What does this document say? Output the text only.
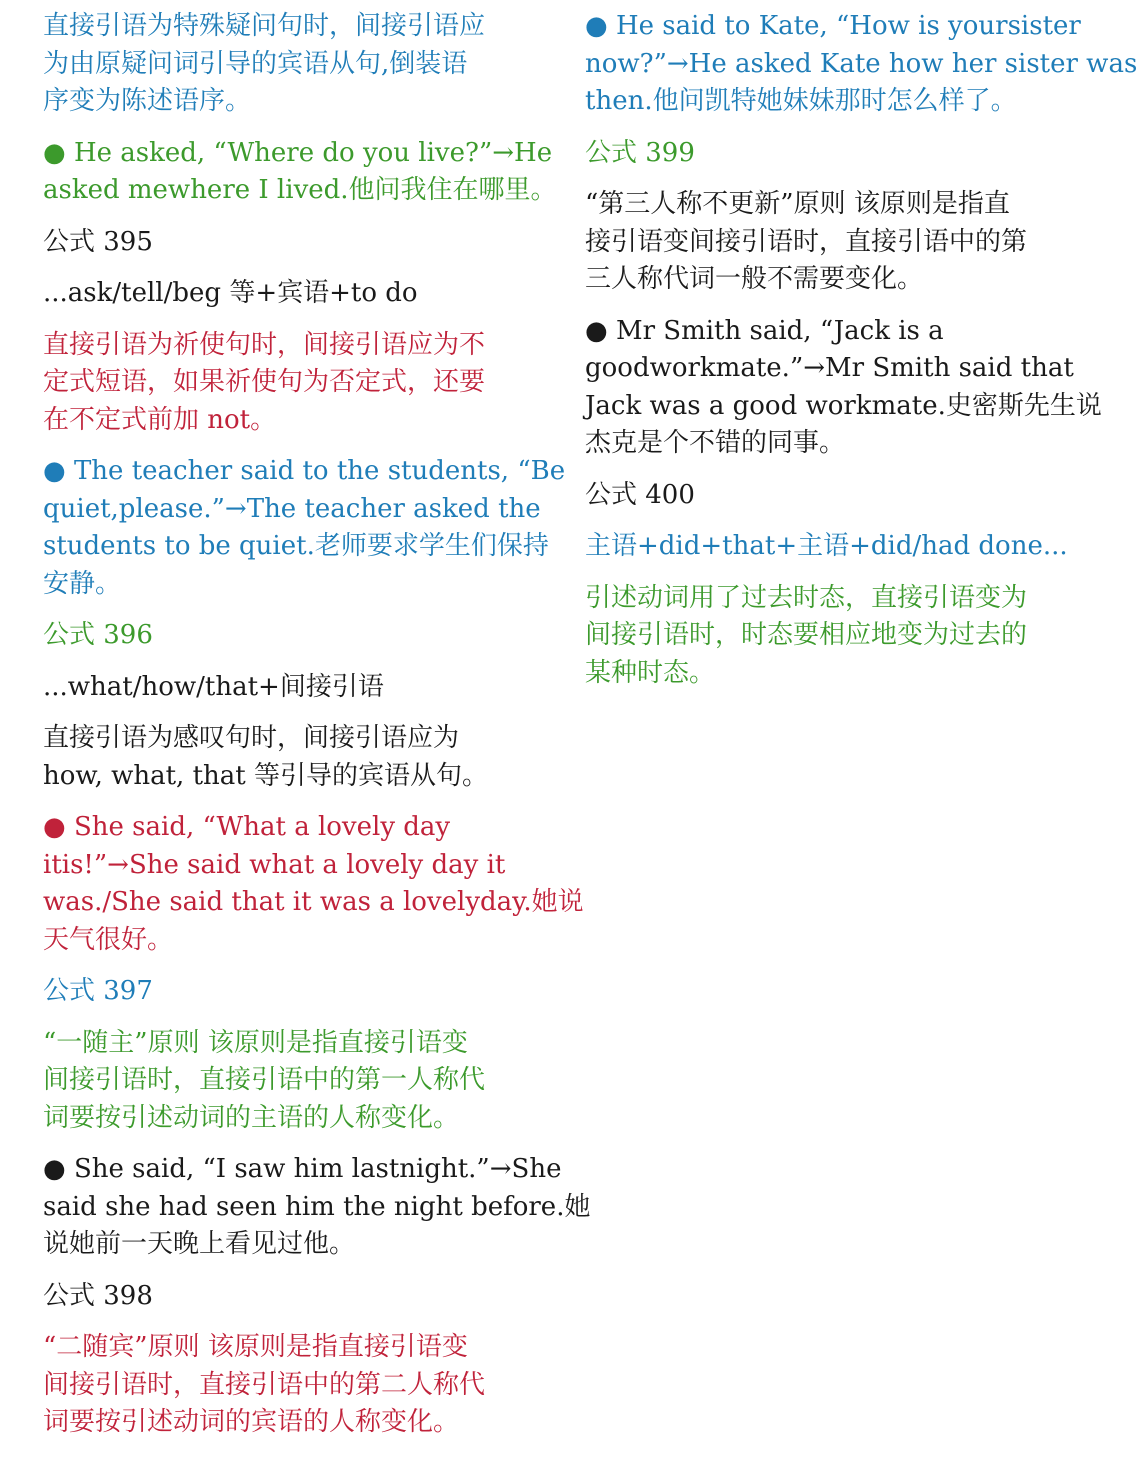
直接引语为特殊疑问句时，间接引语应
为由原疑问词引导的宾语从句,倒装语
序变为陈述语序。

● He asked, “Where do you live?”→He
asked mewhere I lived.他问我住在哪里。

公式 395

...ask/tell/beg 等+宾语+to do

直接引语为祈使句时，间接引语应为不
定式短语，如果祈使句为否定式，还要
在不定式前加 not。

● The teacher said to the students, “Be
quiet,please.”→The teacher asked the
students to be quiet.老师要求学生们保持
安静。

公式 396

...what/how/that+间接引语

直接引语为感叹句时，间接引语应为
how, what, that 等引导的宾语从句。

● She said, “What a lovely day
itis!”→She said what a lovely day it
was./She said that it was a lovelyday.她说
天气很好。

公式 397

“一随主”原则 该原则是指直接引语变
间接引语时，直接引语中的第一人称代
词要按引述动词的主语的人称变化。

● She said, “I saw him lastnight.”→She
said she had seen him the night before.她
说她前一天晚上看见过他。

公式 398

“二随宾”原则 该原则是指直接引语变
间接引语时，直接引语中的第二人称代
词要按引述动词的宾语的人称变化。

● He said to Kate, “How is yoursister
now?”→He asked Kate how her sister was
then.他问凯特她妹妹那时怎么样了。

公式 399

“第三人称不更新”原则 该原则是指直
接引语变间接引语时，直接引语中的第
三人称代词一般不需要变化。

● Mr Smith said, “Jack is a
goodworkmate.”→Mr Smith said that
Jack was a good workmate.史密斯先生说
杰克是个不错的同事。

公式 400

主语+did+that+主语+did/had done...

引述动词用了过去时态，直接引语变为
间接引语时，时态要相应地变为过去的
某种时态。
